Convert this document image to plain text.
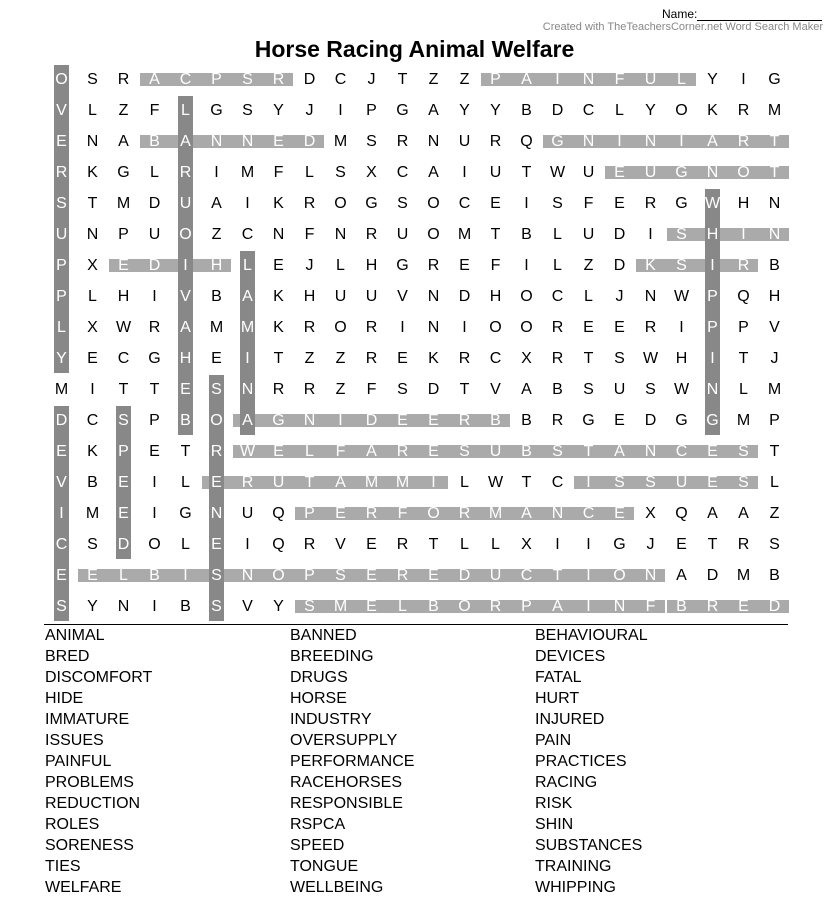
Name:
Created with TheTeachersCorner.net Word Search Maker
Horse Racing Animal Welfare
O	S	R	A	C	P	S	R	D	C	J	T	Z	Z	P	A	I	N	F	U	L	Y	I	G
V	L	Z	F	L	G	S	Y	J	I	P	G	A	Y	Y	B	D	C	L	Y	O	K	R	M
E	N	A	B	A	N	N	E	D	M	S	R	N	U	R	Q	G	N	I	N	I	A	R	T
R	K	G	L	R	I	M	F	L	S	X	C	A	I	U	T	W	U	E	U	G	N	O	T
S	T	M	D	U	A	I	K	R	O	G	S	O	C	E	I	S	F	E	R	G	W	H	N
U	N	P	U	O	Z	C	N	F	N	R	U	O	M	T	B	L	U	D	I	S	H	I	N
P	X	E	D	I	H	L	E	J	L	H	G	R	E	F	I	L	Z	D	K	S	I	R	B
P	L	H	I	V	B	A	K	H	U	U	V	N	D	H	O	C	L	J	N	W	P	Q	H
L	X	W	R	A	M	M	K	R	O	R	I	N	I	O	O	R	E	E	R	I	P	P	V
Y	E	C	G	H	E	I	T	Z	Z	R	E	K	R	C	X	R	T	S	W	H	I	T	J
M	I	T	T	E	S	N	R	R	Z	F	S	D	T	V	A	B	S	U	S	W	N	L	M
D	C	S	P	B	O	A	G	N	I	D	E	E	R	B	B	R	G	E	D	G	G	M	P
E	K	P	E	T	R	W	E	L	F	A	R	E	S	U	B	S	T	A	N	C	E	S	T
V	B	E	I	L	E	R	U	T	A	M	M	I	L	W	T	C	I	S	S	U	E	S	L
I	M	E	I	G	N	U	Q	P	E	R	F	O	R	M	A	N	C	E	X	Q	A	A	Z
C	S	D	O	L	E	I	Q	R	V	E	R	T	L	L	X	I	I	G	J	E	T	R	S
E	E	L	B	I	S	N	O	P	S	E	R	E	D	U	C	T	I	O	N	A	D	M	B
S	Y	N	I	B	S	V	Y	S	M	E	L	B	O	R	P	A	I	N	F	B	R	E	D
ANIMAL	BANNED	BEHAVIOURAL
BRED	BREEDING	DEVICES
DISCOMFORT	DRUGS	FATAL
HIDE	HORSE	HURT
IMMATURE	INDUSTRY	INJURED
ISSUES	OVERSUPPLY	PAIN
PAINFUL	PERFORMANCE	PRACTICES
PROBLEMS	RACEHORSES	RACING
REDUCTION	RESPONSIBLE	RISK
ROLES	RSPCA	SHIN
SORENESS	SPEED	SUBSTANCES
TIES	TONGUE	TRAINING
WELFARE	WELLBEING	WHIPPING
